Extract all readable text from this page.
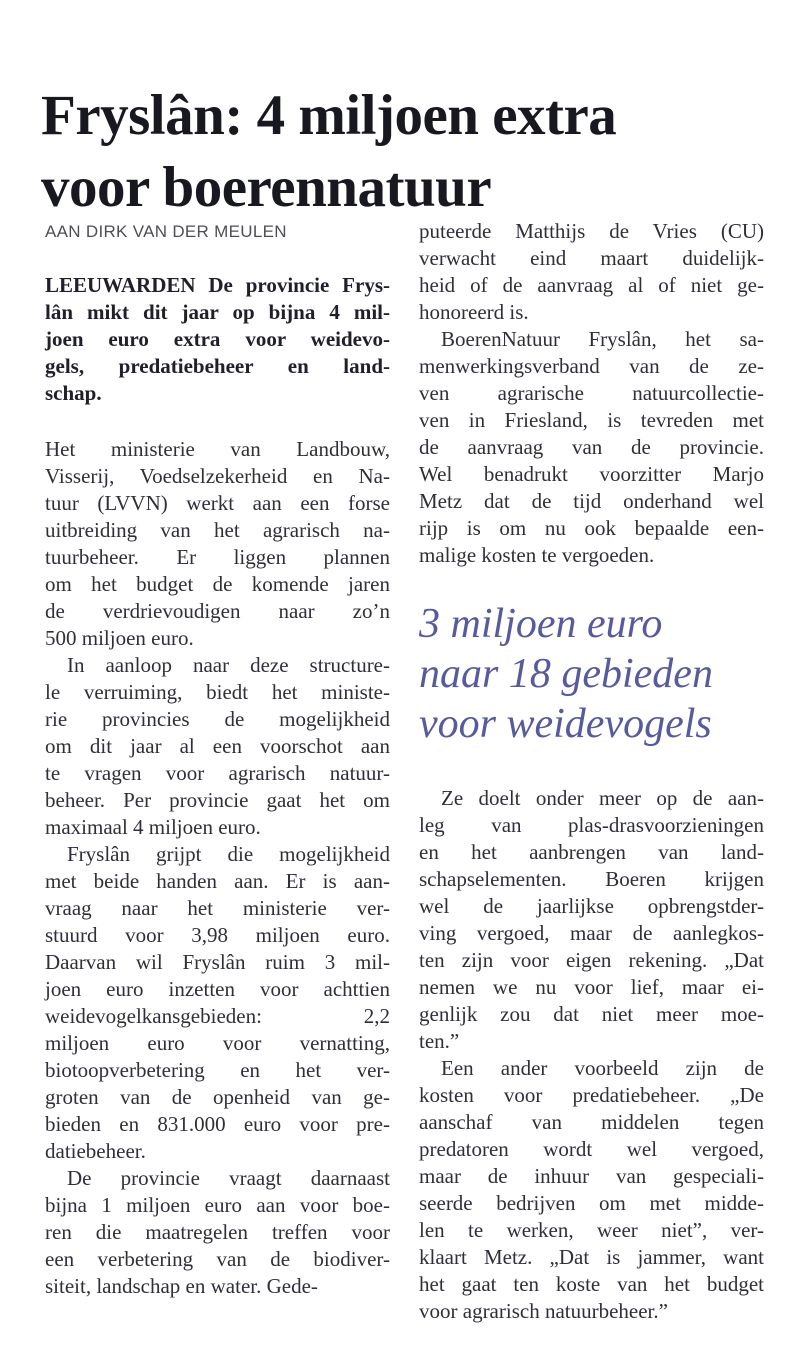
Fryslân: 4 miljoen extra
voor boerennatuur
AAN DIRK VAN DER MEULEN

LEEUWARDEN De provincie Frys-
lân mikt dit jaar op bijna 4 mil-
joen euro extra voor weidevo-
gels, predatiebeheer en land-
schap.

Het ministerie van Landbouw,
Visserij, Voedselzekerheid en Na-
tuur (LVVN) werkt aan een forse
uitbreiding van het agrarisch na-
tuurbeheer. Er liggen plannen
om het budget de komende jaren
de verdrievoudigen naar zo’n
500 miljoen euro.

In aanloop naar deze structure-
le verruiming, biedt het ministe-
rie provincies de mogelijkheid
om dit jaar al een voorschot aan
te vragen voor agrarisch natuur-
beheer. Per provincie gaat het om
maximaal 4 miljoen euro.

Fryslân grijpt die mogelijkheid
met beide handen aan. Er is aan-
vraag naar het ministerie ver-
stuurd voor 3,98 miljoen euro.
Daarvan wil Fryslân ruim 3 mil-
joen euro inzetten voor achttien
weidevogelkansgebieden: 2,2
miljoen euro voor vernatting,
biotoopverbetering en het ver-
groten van de openheid van ge-
bieden en 831.000 euro voor pre-
datiebeheer.

De provincie vraagt daarnaast
bijna 1 miljoen euro aan voor boe-
ren die maatregelen treffen voor
een verbetering van de biodiver-
siteit, landschap en water. Gede-

puteerde Matthijs de Vries (CU)
verwacht eind maart duidelijk-
heid of de aanvraag al of niet ge-
honoreerd is.

BoerenNatuur Fryslân, het sa-
menwerkingsverband van de ze-
ven agrarische natuurcollectie-
ven in Friesland, is tevreden met
de aanvraag van de provincie.
Wel benadrukt voorzitter Marjo
Metz dat de tijd onderhand wel
rijp is om nu ook bepaalde een-
malige kosten te vergoeden.

3 miljoen euro
naar 18 gebieden
voor weidevogels

Ze doelt onder meer op de aan-
leg van plas-drasvoorzieningen
en het aanbrengen van land-
schapselementen. Boeren krijgen
wel de jaarlijkse opbrengstder-
ving vergoed, maar de aanlegkos-
ten zijn voor eigen rekening. „Dat
nemen we nu voor lief, maar ei-
genlijk zou dat niet meer moe-
ten.”

Een ander voorbeeld zijn de
kosten voor predatiebeheer. „De
aanschaf van middelen tegen
predatoren wordt wel vergoed,
maar de inhuur van gespeciali-
seerde bedrijven om met midde-
len te werken, weer niet”, ver-
klaart Metz. „Dat is jammer, want
het gaat ten koste van het budget
voor agrarisch natuurbeheer.”
